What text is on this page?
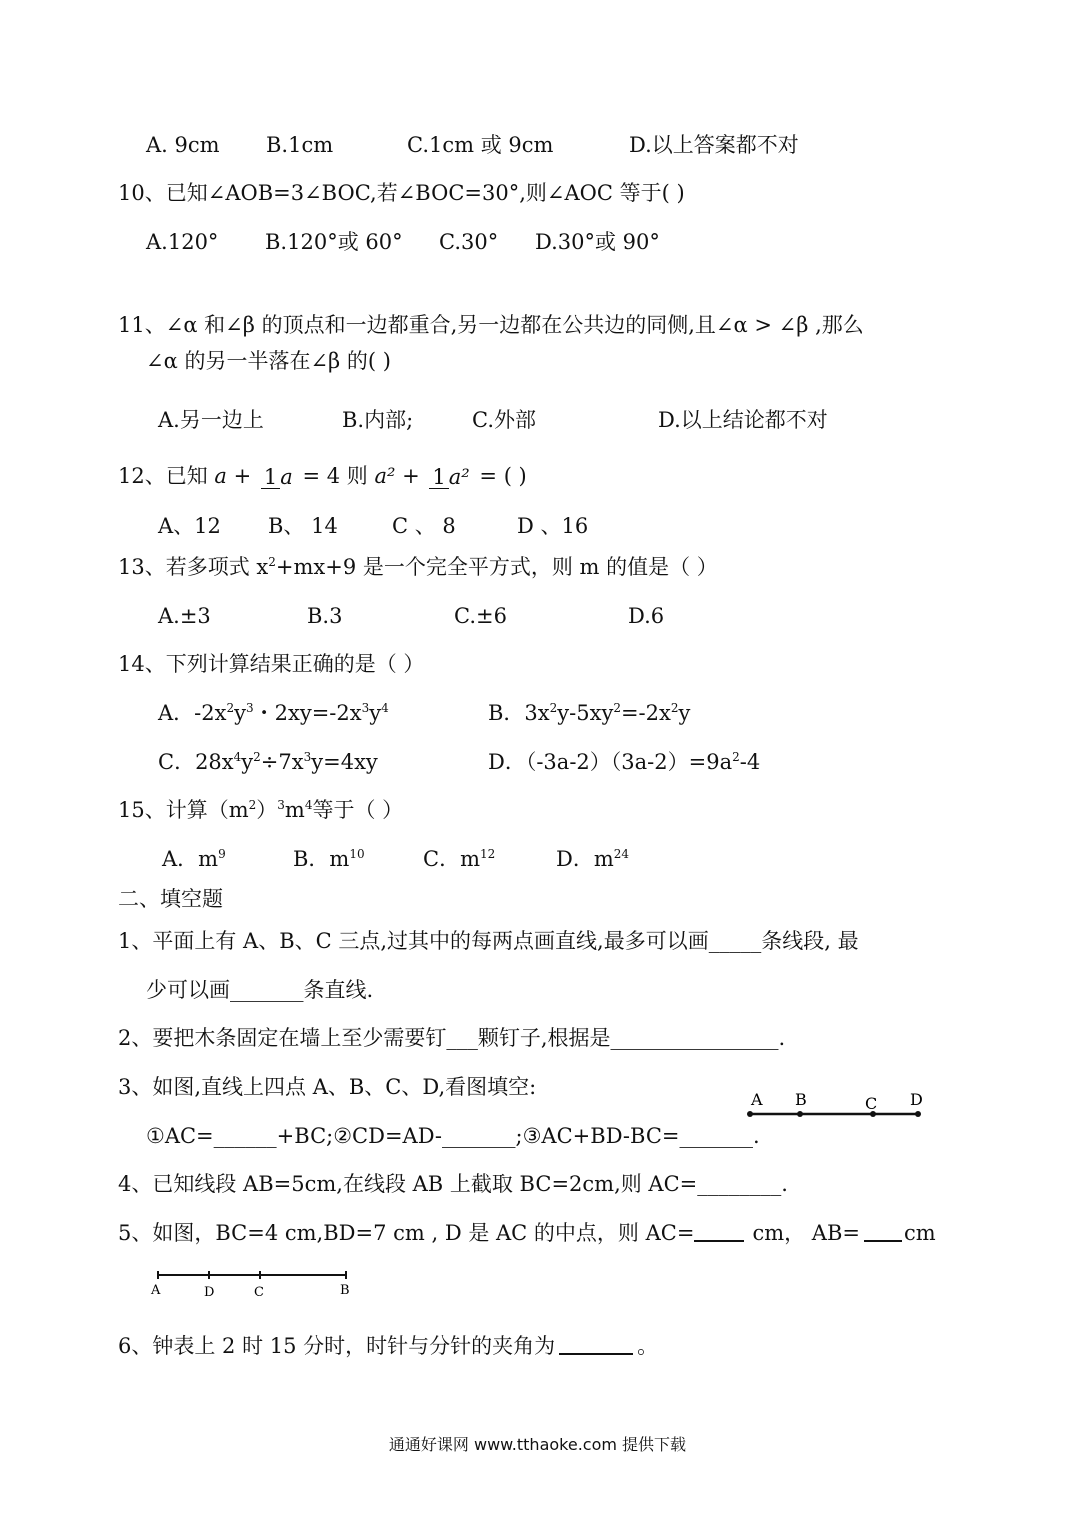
A. 9cm B.1cm	C.1cm 或 9cm	D.以上答案都不对
10、已知∠AOB=3∠BOC,若∠BOC=30°,则∠AOC 等于( )
A.120° B.120°或 60° C.30° D.30°或 90°
11、∠α 和∠β 的顶点和一边都重合,另一边都在公共边的同侧,且∠α > ∠β ,那么
∠α 的另一半落在∠β 的( )
A.另一边上	B.内部;	C.外部	D.以上结论都不对
12、已知 a + 1 a = 4 则 a² + 1 a² = ( )
A、12 B、 14	C 、 8	D 、16
13、若多项式 $x^2+mx+9$ 是一个完全平方式，则 m 的值是（ ）
A.±3	B.3	C.±6	D.6
14、下列计算结果正确的是（ ）
A．$-2x^2y^3$・$2xy=-2x^3y^4$	B．$3x^2y-5xy^2=-2x^2y$
C．$28x^4y^2\div 7x^3y=4xy$	D．$(-3a-2)(3a-2)=9a^2-4$
15、计算$(m^2)^3m^4$等于（ ）
A．$m^9$	B．$m^{10}$	C．$m^{12}$	D．$m^{24}$
二、填空题
1、平面上有 A、B、C 三点,过其中的每两点画直线,最多可以画_____条线段, 最
少可以画_______条直线.
2、要把木条固定在墙上至少需要钉___颗钉子,根据是________________.
3、如图,直线上四点 A、B、C、D,看图填空:
①AC=______+BC;②CD=AD-_______;③AC+BD-BC=_______.
A B	C D
4、已知线段 AB=5cm,在线段 AB 上截取 BC=2cm,则 AC=________.
5、如图，BC=4 cm,BD=7 cm , D 是 AC 的中点，则 AC=	cm， AB=cm
A	D	C	B
6、钟表上 2 时 15 分时，时针与分针的夹角为	。
通通好课网 www.tthaoke.com 提供下载
